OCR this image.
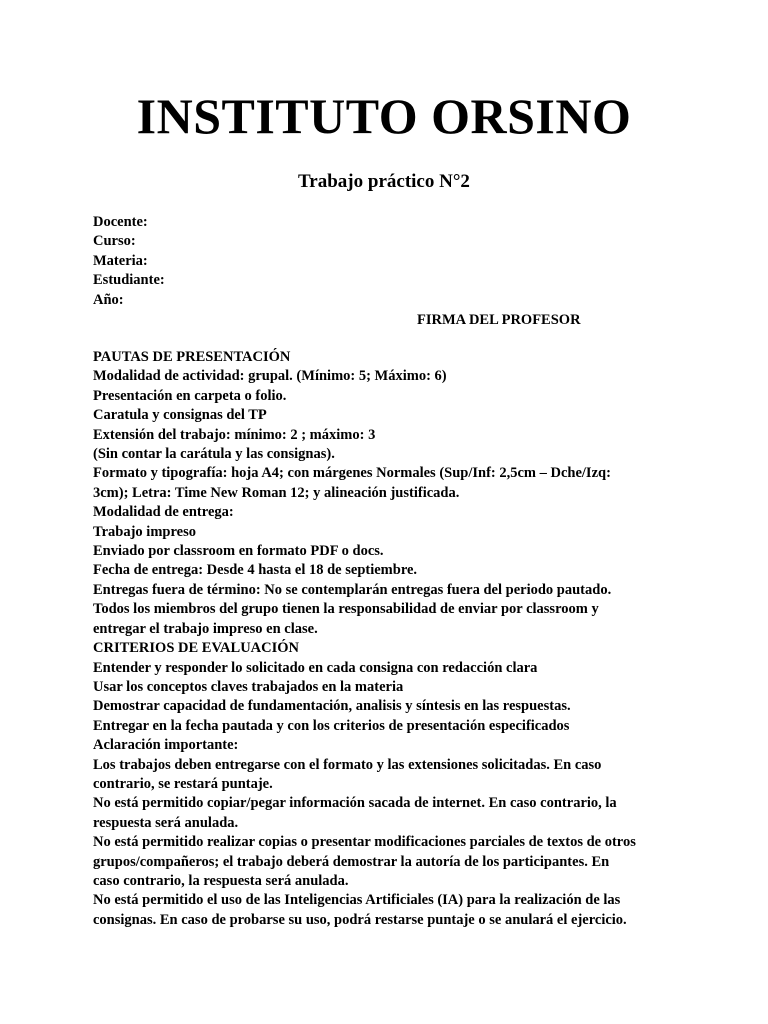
INSTITUTO ORSINO
Trabajo práctico N°2
Docente:
Curso:
Materia:
Estudiante:
Año:
FIRMA DEL PROFESOR
PAUTAS DE PRESENTACIÓN
Modalidad de actividad: grupal. (Mínimo: 5; Máximo: 6)
Presentación en carpeta o folio.
Caratula y consignas del TP
Extensión del trabajo: mínimo: 2 ; máximo: 3
(Sin contar la carátula y las consignas).
Formato y tipografía: hoja A4; con márgenes Normales (Sup/Inf: 2,5cm – Dche/Izq:
3cm); Letra: Time New Roman 12; y alineación justificada.
Modalidad de entrega:
Trabajo impreso
Enviado por classroom en formato PDF o docs.
Fecha de entrega: Desde 4 hasta el 18 de septiembre.
Entregas fuera de término: No se contemplarán entregas fuera del periodo pautado.
Todos los miembros del grupo tienen la responsabilidad de enviar por classroom y
entregar el trabajo impreso en clase.
CRITERIOS DE EVALUACIÓN
Entender y responder lo solicitado en cada consigna con redacción clara
Usar los conceptos claves trabajados en la materia
Demostrar capacidad de fundamentación, analisis y síntesis en las respuestas.
Entregar en la fecha pautada y con los criterios de presentación especificados
Aclaración importante:
Los trabajos deben entregarse con el formato y las extensiones solicitadas. En caso
contrario, se restará puntaje.
No está permitido copiar/pegar información sacada de internet. En caso contrario, la
respuesta será anulada.
No está permitido realizar copias o presentar modificaciones parciales de textos de otros
grupos/compañeros; el trabajo deberá demostrar la autoría de los participantes. En
caso contrario, la respuesta será anulada.
No está permitido el uso de las Inteligencias Artificiales (IA) para la realización de las
consignas. En caso de probarse su uso, podrá restarse puntaje o se anulará el ejercicio.
